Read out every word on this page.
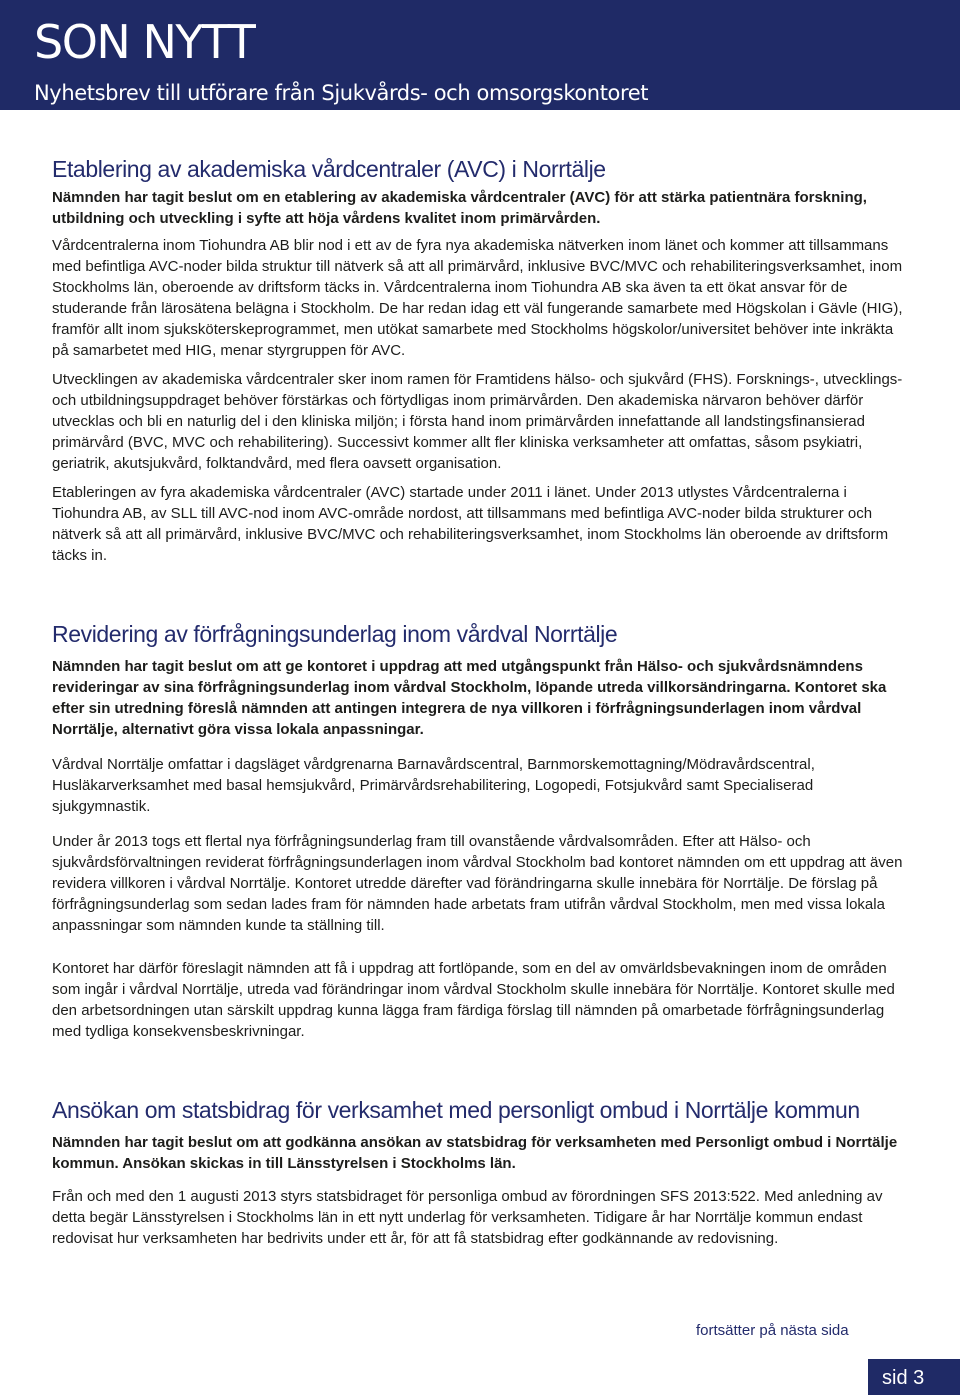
SON NYTT
Nyhetsbrev till utförare från Sjukvårds- och omsorgskontoret
Etablering av akademiska vårdcentraler (AVC) i Norrtälje

Nämnden har tagit beslut om en etablering av akademiska vårdcentraler (AVC) för att stärka patientnära forskning, utbildning och utveckling i syfte att höja vårdens kvalitet inom primärvården.

Vårdcentralerna inom Tiohundra AB blir nod i ett av de fyra nya akademiska nätverken inom länet och kommer att tillsammans med befintliga AVC-noder bilda struktur till nätverk så att all primärvård, inklusive BVC/MVC och rehabiliteringsverksamhet, inom Stockholms län, oberoende av driftsform täcks in. Vårdcentralerna inom Tiohundra AB ska även ta ett ökat ansvar för de studerande från lärosätena belägna i Stockholm. De har redan idag ett väl fungerande samarbete med Högskolan i Gävle (HIG), framför allt inom sjuksköterskeprogrammet, men utökat samarbete med Stockholms högskolor/universitet behöver inte inkräkta på samarbetet med HIG, menar styrgruppen för AVC.

Utvecklingen av akademiska vårdcentraler sker inom ramen för Framtidens hälso- och sjukvård (FHS). Forsknings-, utvecklings- och utbildningsuppdraget behöver förstärkas och förtydligas inom primärvården. Den akademiska närvaron behöver därför utvecklas och bli en naturlig del i den kliniska miljön; i första hand inom primärvården innefattande all landstingsfinansierad primärvård (BVC, MVC och rehabilitering). Successivt kommer allt fler kliniska verksamheter att omfattas, såsom psykiatri, geriatrik, akutsjukvård, folktandvård, med flera oavsett organisation.

Etableringen av fyra akademiska vårdcentraler (AVC) startade under 2011 i länet. Under 2013 utlystes Vårdcentralerna i Tiohundra AB, av SLL till AVC-nod inom AVC-område nordost, att tillsammans med befintliga AVC-noder bilda strukturer och nätverk så att all primärvård, inklusive BVC/MVC och rehabiliteringsverksamhet, inom Stockholms län oberoende av driftsform täcks in.

Revidering av förfrågningsunderlag inom vårdval Norrtälje

Nämnden har tagit beslut om att ge kontoret i uppdrag att med utgångspunkt från Hälso- och sjukvårdsnämndens revideringar av sina förfrågningsunderlag inom vårdval Stockholm, löpande utreda villkorsändringarna. Kontoret ska efter sin utredning föreslå nämnden att antingen integrera de nya villkoren i förfrågningsunderlagen inom vårdval Norrtälje, alternativt göra vissa lokala anpassningar.

Vårdval Norrtälje omfattar i dagsläget vårdgrenarna Barnavårdscentral, Barnmorskemottagning/Mödravårdscentral, Husläkarverksamhet med basal hemsjukvård, Primärvårdsrehabilitering, Logopedi, Fotsjukvård samt Specialiserad sjukgymnastik.

Under år 2013 togs ett flertal nya förfrågningsunderlag fram till ovanstående vårdvalsområden. Efter att Hälso- och sjukvårdsförvaltningen reviderat förfrågningsunderlagen inom vårdval Stockholm bad kontoret nämnden om ett uppdrag att även revidera villkoren i vårdval Norrtälje. Kontoret utredde därefter vad förändringarna skulle innebära för Norrtälje. De förslag på förfrågningsunderlag som sedan lades fram för nämnden hade arbetats fram utifrån vårdval Stockholm, men med vissa lokala anpassningar som nämnden kunde ta ställning till.

Kontoret har därför föreslagit nämnden att få i uppdrag att fortlöpande, som en del av omvärldsbevakningen inom de områden som ingår i vårdval Norrtälje, utreda vad förändringar inom vårdval Stockholm skulle innebära för Norrtälje. Kontoret skulle med den arbetsordningen utan särskilt uppdrag kunna lägga fram färdiga förslag till nämnden på omarbetade förfrågningsunderlag med tydliga konsekvensbeskrivningar.

Ansökan om statsbidrag för verksamhet med personligt ombud i Norrtälje kommun

Nämnden har tagit beslut om att godkänna ansökan av statsbidrag för verksamheten med Personligt ombud i Norrtälje kommun. Ansökan skickas in till Länsstyrelsen i Stockholms län.

Från och med den 1 augusti 2013 styrs statsbidraget för personliga ombud av förordningen SFS 2013:522. Med anledning av detta begär Länsstyrelsen i Stockholms län in ett nytt underlag för verksamheten. Tidigare år har Norrtälje kommun endast redovisat hur verksamheten har bedrivits under ett år, för att få statsbidrag efter godkännande av redovisning.

fortsätter på nästa sida
sid 3
